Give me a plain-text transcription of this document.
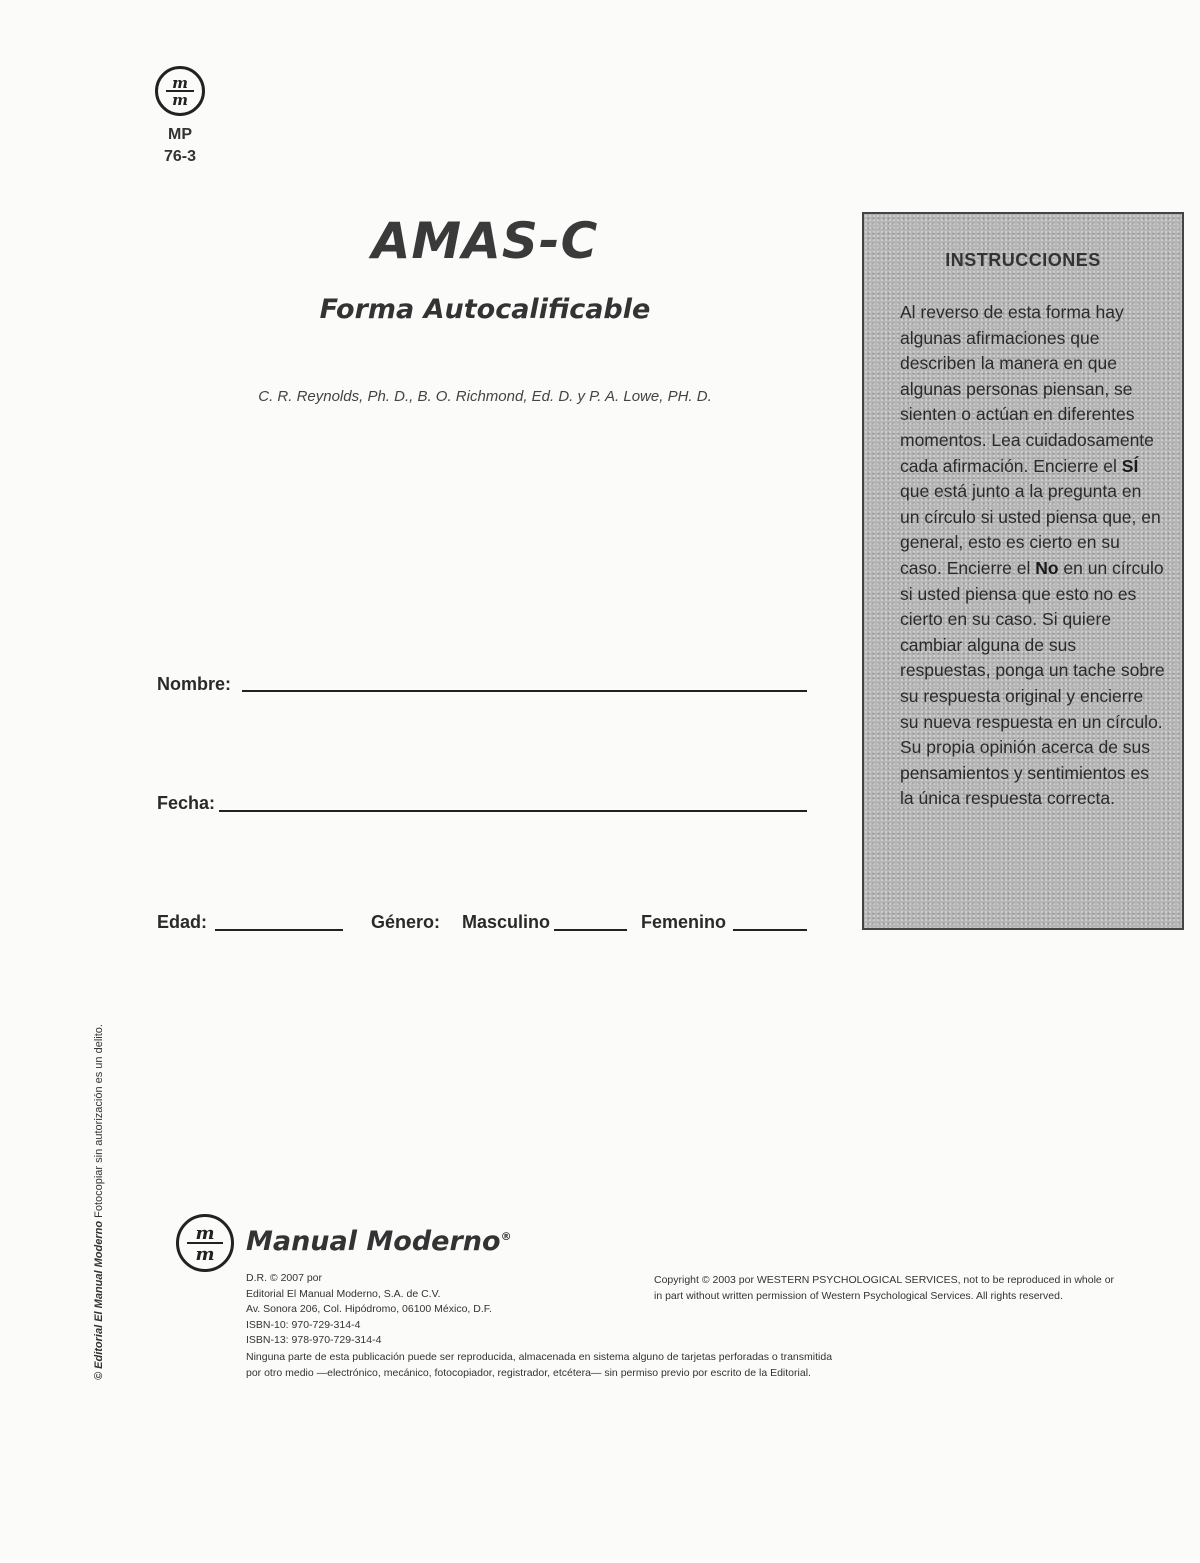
m
m
MP
76-3
AMAS-C
Forma Autocalificable
C. R. Reynolds, Ph. D., B. O. Richmond, Ed. D. y P. A. Lowe, PH. D.
Nombre:
Fecha:
Edad:	Género: Masculino	Femenino
INSTRUCCIONES
Al reverso de esta forma hay algunas afirmaciones que describen la manera en que algunas personas piensan, se sienten o actúan en diferentes momentos. Lea cuidadosamente cada afirmación. Encierre el SÍ que está junto a la pregunta en un círculo si usted piensa que, en general, esto es cierto en su caso. Encierre el No en un círculo si usted piensa que esto no es cierto en su caso. Si quiere cambiar alguna de sus respuestas, ponga un tache sobre su respuesta original y encierre su nueva respuesta en un círculo. Su propia opinión acerca de sus pensamientos y sentimientos es la única respuesta correcta.
© Editorial El Manual Moderno Fotocopiar sin autorización es un delito.
m
m Manual Moderno®
D.R. © 2007 por
Editorial El Manual Moderno, S.A. de C.V.
Av. Sonora 206, Col. Hipódromo, 06100 México, D.F.
ISBN-10: 970-729-314-4
ISBN-13: 978-970-729-314-4
Copyright © 2003 por WESTERN PSYCHOLOGICAL SERVICES, not to be reproduced in whole or
in part without written permission of Western Psychological Services. All rights reserved.
Ninguna parte de esta publicación puede ser reproducida, almacenada en sistema alguno de tarjetas perforadas o transmitida
por otro medio —electrónico, mecánico, fotocopiador, registrador, etcétera— sin permiso previo por escrito de la Editorial.
